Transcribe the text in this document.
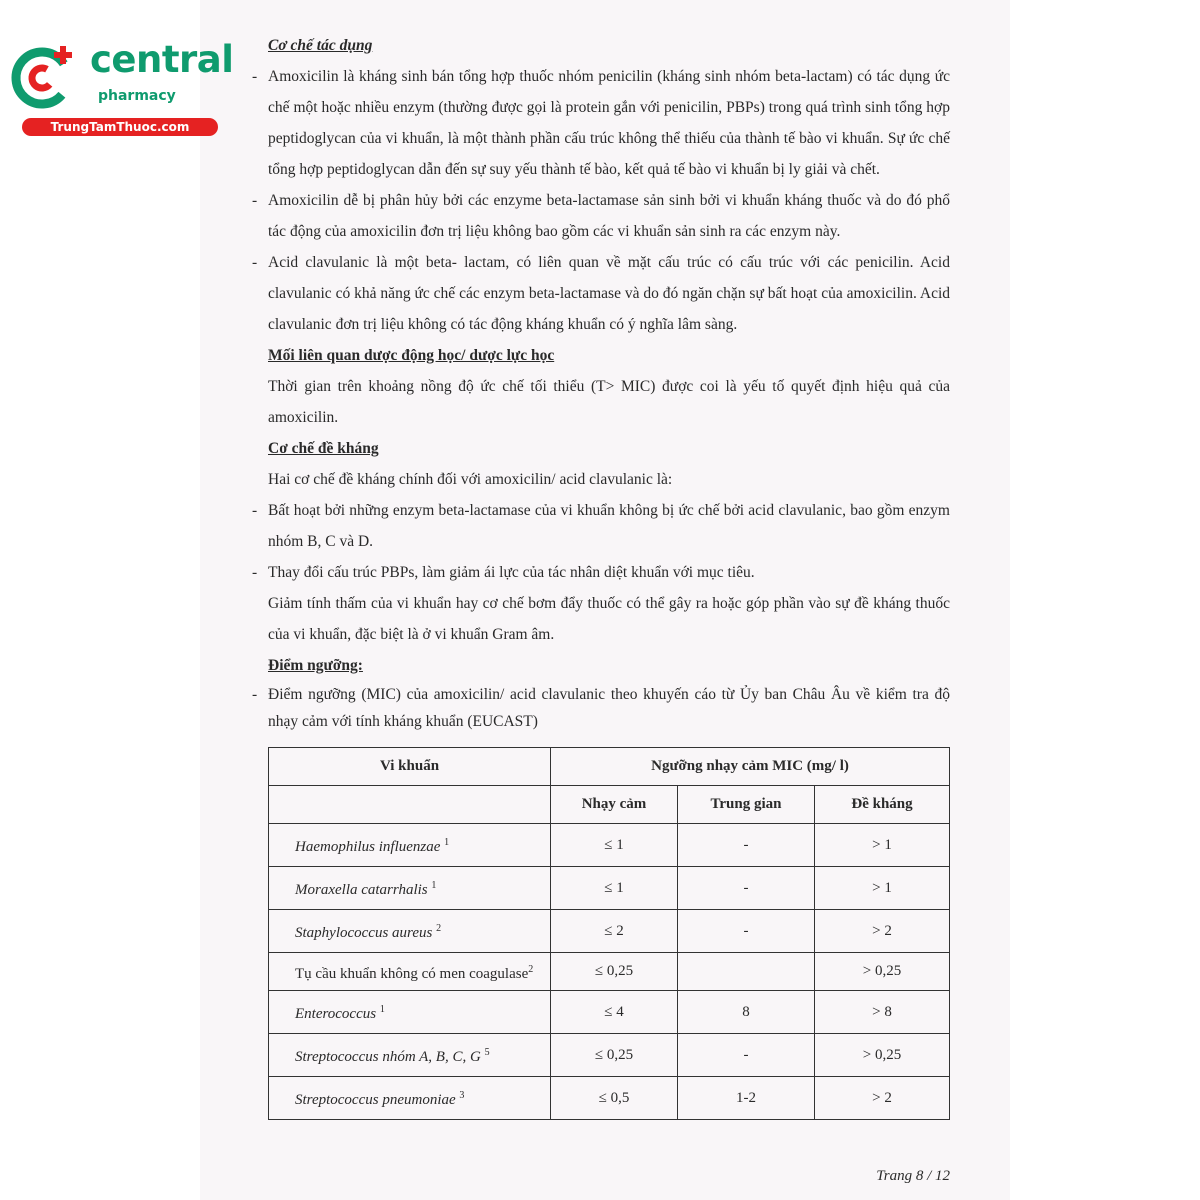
central
pharmacy
TrungTamThuoc.com

Cơ chế tác dụng

- Amoxicilin là kháng sinh bán tổng hợp thuốc nhóm penicilin (kháng sinh nhóm beta-lactam) có tác dụng ức chế một hoặc nhiều enzym (thường được gọi là protein gắn với penicilin, PBPs) trong quá trình sinh tổng hợp peptidoglycan của vi khuẩn, là một thành phần cấu trúc không thể thiếu của thành tế bào vi khuẩn. Sự ức chế tổng hợp peptidoglycan dẫn đến sự suy yếu thành tế bào, kết quả tế bào vi khuẩn bị ly giải và chết.

- Amoxicilin dễ bị phân hủy bởi các enzyme beta-lactamase sản sinh bởi vi khuẩn kháng thuốc và do đó phổ tác động của amoxicilin đơn trị liệu không bao gồm các vi khuẩn sản sinh ra các enzym này.

- Acid clavulanic là một beta- lactam, có liên quan về mặt cấu trúc có cấu trúc với các penicilin. Acid clavulanic có khả năng ức chế các enzym beta-lactamase và do đó ngăn chặn sự bất hoạt của amoxicilin. Acid clavulanic đơn trị liệu không có tác động kháng khuẩn có ý nghĩa lâm sàng.

Mối liên quan dược động học/ dược lực học

Thời gian trên khoảng nồng độ ức chế tối thiểu (T> MIC) được coi là yếu tố quyết định hiệu quả của amoxicilin.

Cơ chế đề kháng

Hai cơ chế đề kháng chính đối với amoxicilin/ acid clavulanic là:

- Bất hoạt bởi những enzym beta-lactamase của vi khuẩn không bị ức chế bởi acid clavulanic, bao gồm enzym nhóm B, C và D.

- Thay đổi cấu trúc PBPs, làm giảm ái lực của tác nhân diệt khuẩn với mục tiêu.

Giảm tính thấm của vi khuẩn hay cơ chế bơm đẩy thuốc có thể gây ra hoặc góp phần vào sự đề kháng thuốc của vi khuẩn, đặc biệt là ở vi khuẩn Gram âm.

Điểm ngưỡng:

- Điểm ngưỡng (MIC) của amoxicilin/ acid clavulanic theo khuyến cáo từ Ủy ban Châu Âu về kiểm tra độ nhạy cảm với tính kháng khuẩn (EUCAST)

Vi khuẩn	Ngưỡng nhạy cảm MIC (mg/ l)		
	Nhạy cảm	Trung gian	Đề kháng
Haemophilus influenzae $^1$	≤ 1	-	> 1
Moraxella catarrhalis $^1$	≤ 1	-	> 1
Staphylococcus aureus $^2$	≤ 2	-	> 2
Tụ cầu khuẩn không có men coagulase$^2$	≤ 0,25		> 0,25
Enterococcus $^1$	≤ 4	8	> 8
Streptococcus nhóm A, B, C, G $^5$	≤ 0,25	-	> 0,25
Streptococcus pneumoniae $^3$	≤ 0,5	1-2	> 2
Trang 8 / 12
